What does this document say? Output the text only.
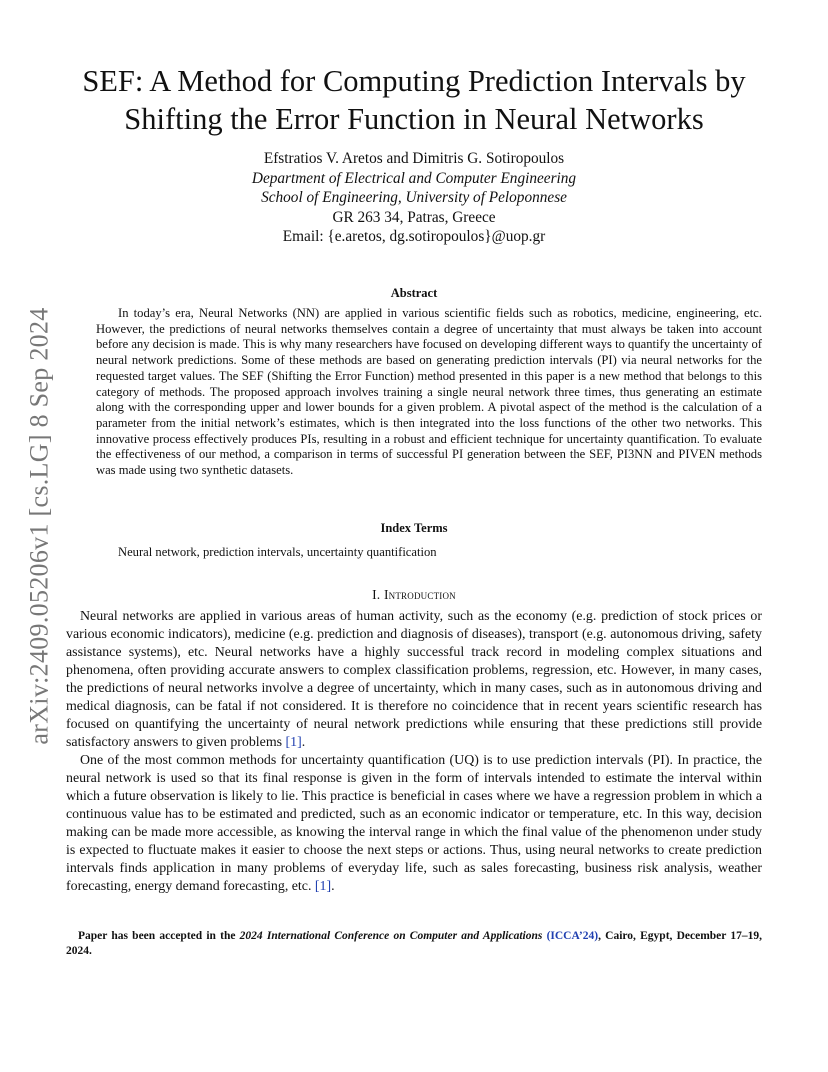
arXiv:2409.05206v1 [cs.LG] 8 Sep 2024
SEF: A Method for Computing Prediction Intervals by Shifting the Error Function in Neural Networks
Efstratios V. Aretos and Dimitris G. Sotiropoulos
Department of Electrical and Computer Engineering
School of Engineering, University of Peloponnese
GR 263 34, Patras, Greece
Email: {e.aretos, dg.sotiropoulos}@uop.gr
Abstract

In today’s era, Neural Networks (NN) are applied in various scientific fields such as robotics, medicine, engineering, etc. However, the predictions of neural networks themselves contain a degree of uncertainty that must always be taken into account before any decision is made. This is why many researchers have focused on developing different ways to quantify the uncertainty of neural network predictions. Some of these methods are based on generating prediction intervals (PI) via neural networks for the requested target values. The SEF (Shifting the Error Function) method presented in this paper is a new method that belongs to this category of methods. The proposed approach involves training a single neural network three times, thus generating an estimate along with the corresponding upper and lower bounds for a given problem. A pivotal aspect of the method is the calculation of a parameter from the initial network’s estimates, which is then integrated into the loss functions of the other two networks. This innovative process effectively produces PIs, resulting in a robust and efficient technique for uncertainty quantification. To evaluate the effectiveness of our method, a comparison in terms of successful PI generation between the SEF, PI3NN and PIVEN methods was made using two synthetic datasets.

Index Terms
Neural network, prediction intervals, uncertainty quantification
I. Introduction

Neural networks are applied in various areas of human activity, such as the economy (e.g. prediction of stock prices or various economic indicators), medicine (e.g. prediction and diagnosis of diseases), transport (e.g. autonomous driving, safety assistance systems), etc. Neural networks have a highly successful track record in modeling complex situations and phenomena, often providing accurate answers to complex classification problems, regression, etc. However, in many cases, the predictions of neural networks involve a degree of uncertainty, which in many cases, such as in autonomous driving and medical diagnosis, can be fatal if not considered. It is therefore no coincidence that in recent years scientific research has focused on quantifying the uncertainty of neural network predictions while ensuring that these predictions still provide satisfactory answers to given problems [1].

One of the most common methods for uncertainty quantification (UQ) is to use prediction intervals (PI). In practice, the neural network is used so that its final response is given in the form of intervals intended to estimate the interval within which a future observation is likely to lie. This practice is beneficial in cases where we have a regression problem in which a continuous value has to be estimated and predicted, such as an economic indicator or temperature, etc. In this way, decision making can be made more accessible, as knowing the interval range in which the final value of the phenomenon under study is expected to fluctuate makes it easier to choose the next steps or actions. Thus, using neural networks to create prediction intervals finds application in many problems of everyday life, such as sales forecasting, business risk analysis, weather forecasting, energy demand forecasting, etc. [1].

Paper has been accepted in the 2024 International Conference on Computer and Applications (ICCA’24), Cairo, Egypt, December 17–19, 2024.
